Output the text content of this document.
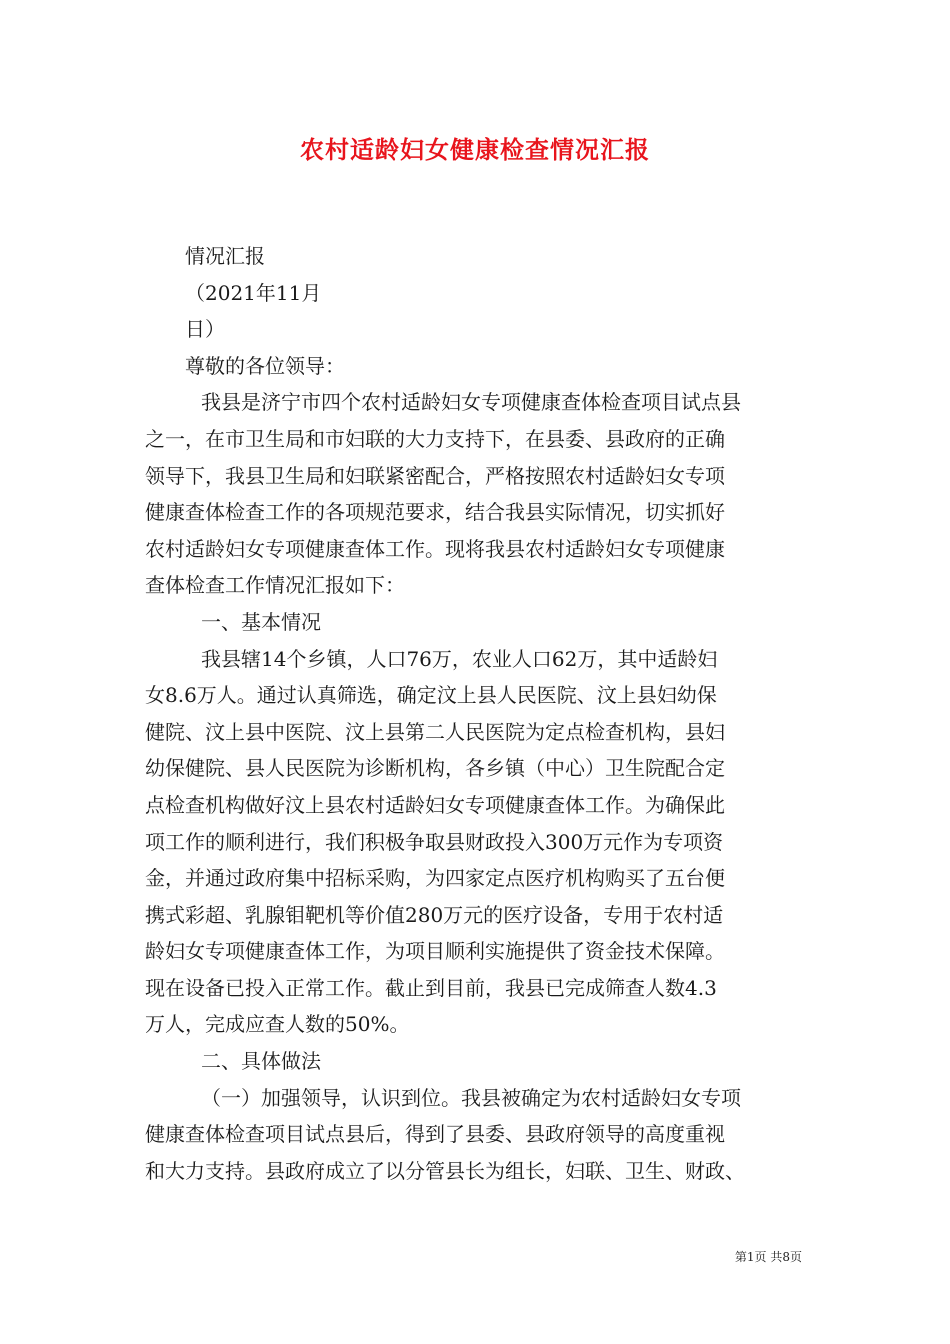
农村适龄妇女健康检查情况汇报
情况汇报
（2021年11月
日）
尊敬的各位领导：
我县是济宁市四个农村适龄妇女专项健康查体检查项目试点县
之一，在市卫生局和市妇联的大力支持下，在县委、县政府的正确
领导下，我县卫生局和妇联紧密配合，严格按照农村适龄妇女专项
健康查体检查工作的各项规范要求，结合我县实际情况，切实抓好
农村适龄妇女专项健康查体工作。现将我县农村适龄妇女专项健康
查体检查工作情况汇报如下：
一、基本情况
我县辖14个乡镇，人口76万，农业人口62万，其中适龄妇
女8.6万人。通过认真筛选，确定汶上县人民医院、汶上县妇幼保
健院、汶上县中医院、汶上县第二人民医院为定点检查机构，县妇
幼保健院、县人民医院为诊断机构，各乡镇（中心）卫生院配合定
点检查机构做好汶上县农村适龄妇女专项健康查体工作。为确保此
项工作的顺利进行，我们积极争取县财政投入300万元作为专项资
金，并通过政府集中招标采购，为四家定点医疗机构购买了五台便
携式彩超、乳腺钼靶机等价值280万元的医疗设备，专用于农村适
龄妇女专项健康查体工作，为项目顺利实施提供了资金技术保障。
现在设备已投入正常工作。截止到目前，我县已完成筛查人数4.3
万人，完成应查人数的50%。
二、具体做法
（一）加强领导，认识到位。我县被确定为农村适龄妇女专项
健康查体检查项目试点县后，得到了县委、县政府领导的高度重视
和大力支持。县政府成立了以分管县长为组长，妇联、卫生、财政、
第1页 共8页
